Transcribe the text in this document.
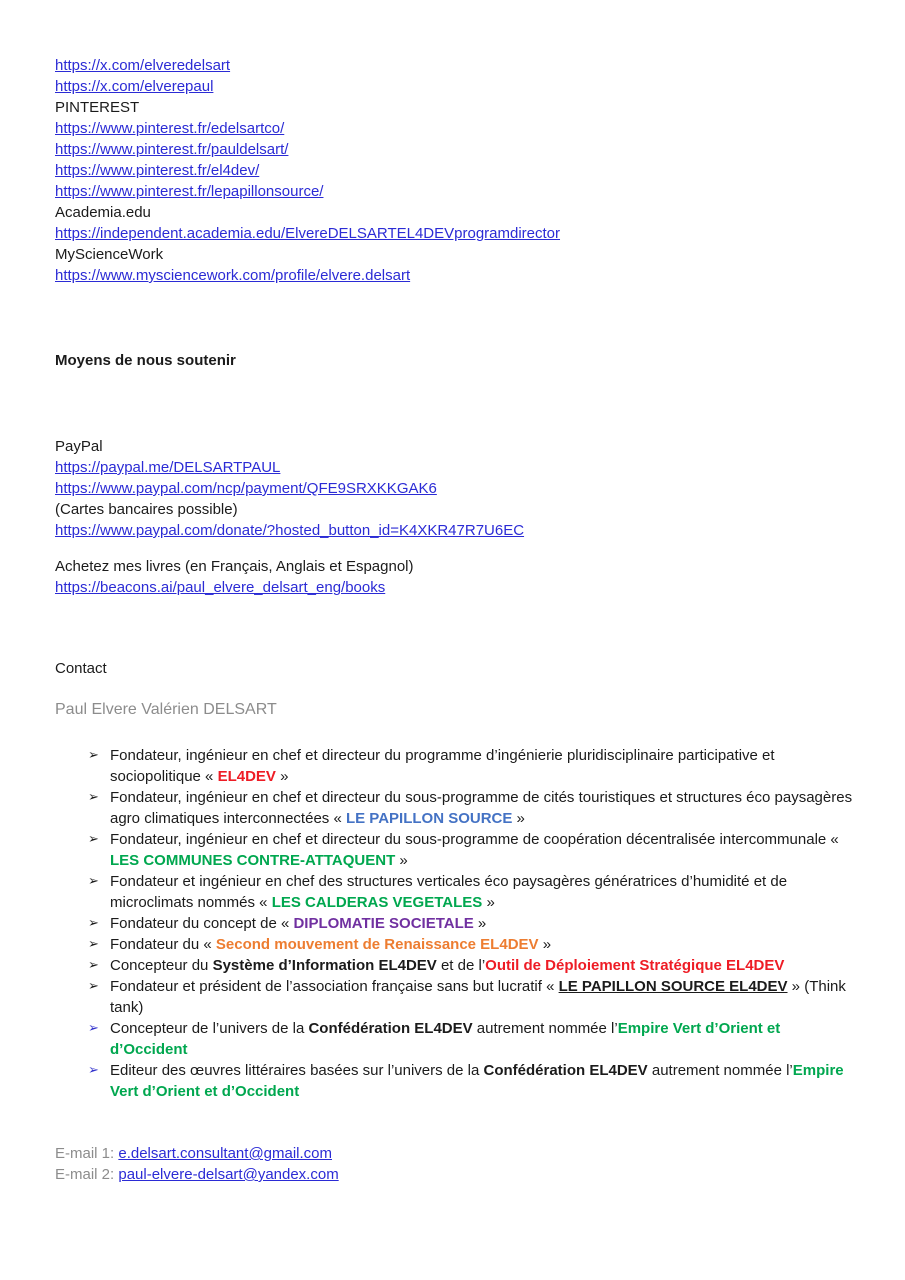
https://x.com/elveredelsart
https://x.com/elverepaul
PINTEREST
https://www.pinterest.fr/edelsartco/
https://www.pinterest.fr/pauldelsart/
https://www.pinterest.fr/el4dev/
https://www.pinterest.fr/lepapillonsource/
Academia.edu
https://independent.academia.edu/ElvereDELSARTEL4DEVprogramdirector
MyScienceWork
https://www.mysciencework.com/profile/elvere.delsart
Moyens de nous soutenir
PayPal
https://paypal.me/DELSARTPAUL
https://www.paypal.com/ncp/payment/QFE9SRXKKGAK6
(Cartes bancaires possible)
https://www.paypal.com/donate/?hosted_button_id=K4XKR47R7U6EC
Achetez mes livres (en Français, Anglais et Espagnol)
https://beacons.ai/paul_elvere_delsart_eng/books
Contact
Paul Elvere Valérien DELSART
➢ Fondateur, ingénieur en chef et directeur du programme d’ingénierie pluridisciplinaire participative et sociopolitique « EL4DEV »
➢ Fondateur, ingénieur en chef et directeur du sous-programme de cités touristiques et structures éco paysagères agro climatiques interconnectées « LE PAPILLON SOURCE »
➢ Fondateur, ingénieur en chef et directeur du sous-programme de coopération décentralisée intercommunale « LES COMMUNES CONTRE-ATTAQUENT »
➢ Fondateur et ingénieur en chef des structures verticales éco paysagères génératrices d’humidité et de microclimats nommés « LES CALDERAS VEGETALES »
➢ Fondateur du concept de « DIPLOMATIE SOCIETALE »
➢ Fondateur du « Second mouvement de Renaissance EL4DEV »
➢ Concepteur du Système d’Information EL4DEV et de l’Outil de Déploiement Stratégique EL4DEV
➢ Fondateur et président de l’association française sans but lucratif « LE PAPILLON SOURCE EL4DEV » (Think tank)
➢ Concepteur de l’univers de la Confédération EL4DEV autrement nommée l’Empire Vert d’Orient et d’Occident
➢ Editeur des œuvres littéraires basées sur l’univers de la Confédération EL4DEV autrement nommée l’Empire Vert d’Orient et d’Occident
E-mail 1: e.delsart.consultant@gmail.com
E-mail 2: paul-elvere-delsart@yandex.com
